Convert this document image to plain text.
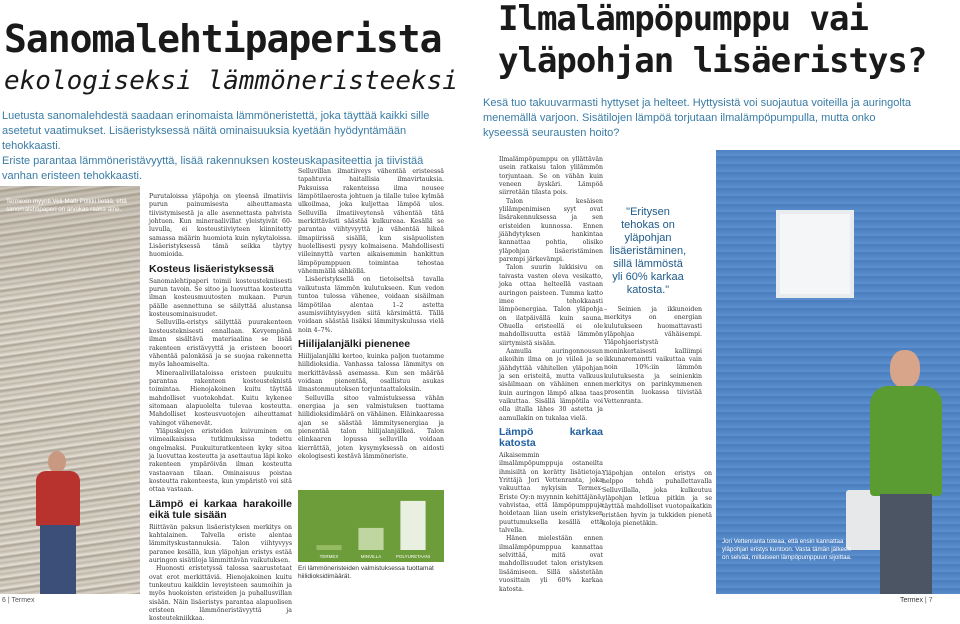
Sanomalehtipaperista
ekologiseksi lämmöneristeeksi
Luetusta sanomalehdestä saadaan erinomaista lämmöneristettä, joka täyttää kaikki sille asetetut vaatimukset. Lisäeristyksessä näitä ominaisuuksia kyetään hyödyntämään tehokkaasti.
Eriste parantaa lämmöneristävyyttä, lisää rakennuksen kosteuskapasiteettia ja tiivistää vanhan eristeen tehokkaasti.
Termexin myynti Veli-Matti Pölkki tietää, että sanomalehtipaperi on arvokas raaka-aine.

Purutaloissa yläpohja on yleensä ilmatiivis purun painumisesta aiheuttamasta tiivistymisestä ja alle asennettasta pahvista johtuen. Kun mineraalivillat yleistyivät 60-luvulla, ei kosteustiiviyteen kiinnitetty samassa määrin huomiota kuin nykytaloissa. Lisäeristyksessä tämä seikka täytyy huomioida.

Kosteus lisäeristyksessä

Sanomalehtipaperi toimii kosteustekniisesti purun tavoin. Se sitoo ja luovuttaa kosteutta ilman kosteusmuutosten mukaan. Purun päälle asennettuna se säilyttää alustansa kosteusominaisuudet.

Selluvilla-eristys säilyttää puurakenteen kosteusteknisesti ennallaan. Kevyempänä ilman sisältävä materiaalina se lisää rakenteen eristävyyttä ja eristeen booori vähentää palonkäsä ja se suojaa rakennetta myös lahoamiselta.

Mineraalivillataloissa eristeen puukuitu parantaa rakenteen kosteusteknistä toimintaa. Hienojakoinen kuitu täyttää mahdolliset vuotokohdat. Kuitu kykenee sitomaan alapuolelta tulevaa kosteutta. Mahdolliset kosteusvuotojen aiheuttamat vahingot vähenevät.

Yläpuskujen eristeiden kuivuminen on viimeaikaisissa tutkimuksissa todettu ongelmaksi. Puukuituratkenteen kyky sitoa ja luovuttaa kosteutta ja asettautua läpi koko rakenteen ympäröivän ilman kosteutta vastaavaan tilaan. Ominaisuus poistaa kosteutta rakenteesta, kun ympäristö voi sitä ottaa vastaan.

Lämpö ei karkaa harakoille eikä tule sisään

Riittävän paksun lisäeristyksen merkitys on kahtalainen. Talvella eriste alentaa lämmityskustannuksia. Talon viihtyvyys paranee kesällä, kun yläpohjan eristys estää auringon sisätiloja lämmittävän vaikutuksen.

Huonosti eristetyssä talossa saarustetaat ovat erot merkittäviä. Hienojakoinen kuitu tunkeutuu kaikkiin leveyisteen saumoihin ja myös huokoisten eristeiden ja puhallusvillan sisään. Näin lisäeristys parantaa alapuolisen eristeen lämmöneristävyyttä ja kosteutekniikkaa.

Selluvillan ilmatiiveys vähentää eristeessä tapahtuvia haitallisia ilmavirtauksia. Paksuissa rakenteissa ilma nousee lämpötilaerosta johtuen ja tilalle tulee kylmää ulkoilmaa, joka kuljettaa lämpöä ulos. Selluvilla ilmatiiveytensä vähentää tätä merkittävästi säästää kulkureaa. Kesällä se parantaa viihtyvyyttä ja vähentää hikeä ilmapiirissä sisällä, kun sisäpuolisten huolellisesti pysyy kolmaisena. Mahdollisesti viileinnyttä varten aikaisemmin hankittun lämpöpumppuen toimintaa tehostaa vähemmällä sähköllä.

Lisäeristyksellä on tietoiseltsä tavalla vaikutusta lämmön kulutukseen. Kun vedon tuntoa tulossa vähenee, voidaan sisäilman lämpötilaa alentaa 1–2 astetta asumisviihtyisyyden siitä kärsimättä. Tällä voidaan säästää lisäksi lämmityskulussa vielä noin 4–7%.

Hiilijalanjälki pienenee

Hiilijalanjälki kertoo, kuinka paljon tuotamme hiilidioksidia. Vanhassa talossa lämmitys on merkittävässä asemassa. Kun sen määrää voidaan pienentää, osallistuu asukas ilmastonmuutoksen torjuntaattaloksiin.

Selluvilla sitoo valmistuksessa vähän energiaa ja sen valmistuksen tuottama hiilidioksidimäärä on vähäinen. Eläinkaaressa ajan se säästää lämmitysenergiaa ja pienentää talon hiilijalanjälkeä. Talon elinkaaren lopussa selluvilla voidaan kierrättää, joten kysymyksessä on aidosti ekologisesti kestävä lämmöneriste.

TERMEX	MINVILLA	POLYURETAANI
Eri lämmöneristeiden valmistuksessa tuottamat hiilidioksidimäärät.
6 | Termex
Ilmalämpöpumppu vai
yläpohjan lisäeristys?
Kesä tuo takuuvarmasti hyttyset ja helteet. Hyttysistä voi suojautua voiteilla ja auringolta menemällä varjoon. Sisätilojen lämpöä torjutaan ilmalämpöpumpulla, mutta onko kyseessä seurausten hoito?

Ilmalämpöpumppu on yllättävän usein ratkaisu talon ylilämmön torjuntaan. Se on vähän kuin veneen äyskäri. Lämpöä siirretään tilasta pois.

Talon kesäisen ylilämpenimisen syyt ovat lisärakennuksessa ja sen eristeiden kunnossa. Ennen jäähdytyksen hankintaa kannattaa pohtia, olisiko yläpohjan lisäeristäminen parempi järkevämpi.

Talon suurin lukkisivu on taivasta vasten oleva vesikatto, joka ottaa helteellä vastaan auringon paisteen. Tumma katto imee tehokkaasti lämpöenergiaa. Talon yläpohja on ilatpäivällä kuin sauna. Ohuella eristeellä ei ole mahdollisuutta estää lämmön siirtymistä sisään.

Aamulla auringonnousun aikoihin ilma on jo viileä ja se jäähdyttää vähitellen yläpohjan ja sen eristeitä, mutta valkuus sisäilmaan on vähäinen ennen kuin auringon lämpö alkaa taas vaikuttaa. Sisällä lämpötila voi olla iltalla lähes 30 astetta ja aamullakin on tukalaa vielä.

Lämpö karkaa katosta

Aikaisemmin ilmalämpöpumppuja ostaneilta ihmisiltä on kerätty lisätietoja. Yrittäjä Jori Vettenranta, joka vakuuttaa nykyisin Termex-Eriste Oy:n myynnin kehittäjänä, vahvistaa, että lämpöpumppuja hoidetaan liian usein eristyksen puuttumuksella kesällä että talvella.

Hänen mielestään ennen ilmalämpöpumppua kannattaa selvittää, mitä ovat mahdollisuudet talon eristyksen lisäämiseen. Sillä säästetään vuosittain yli 60% karkaa katosta.

"Eritysen tehokas on yläpohjan lisäeristäminen, sillä lämmöstä yli 60% karkaa katosta."

Jori Vettenranta toteaa, että ensin kannattaa yläpohjan eristys kuntoon. Vasta tämän jälkeen on selvää, millaiseen lämpöpumppuun sijoittaa.

– Seinien ja ikkunoiden merkitys on energian kulutukseen huomattavasti yläpohjaa vähäisempi. Yläpohjaeristystä moninkertaisesti kalliimpi ikkunaremontti vaikuttaa vain noin 10%:iin lämmön kulutuksesta ja seinienkin merkitys on parinkymmenen prosentin luokassa tiivistää Vettenranta.

Yläpohjan ontelon eristys on helppo tehdä puhallettavalla Selluvillalla, joka kulkeutuu yläpohjan letkua pitkin ja se täyttää mahdolliset vuotopaikatkin eristäen hyvin ja tukkiden pienetä koloja pienetäkin.

Termex | 7
